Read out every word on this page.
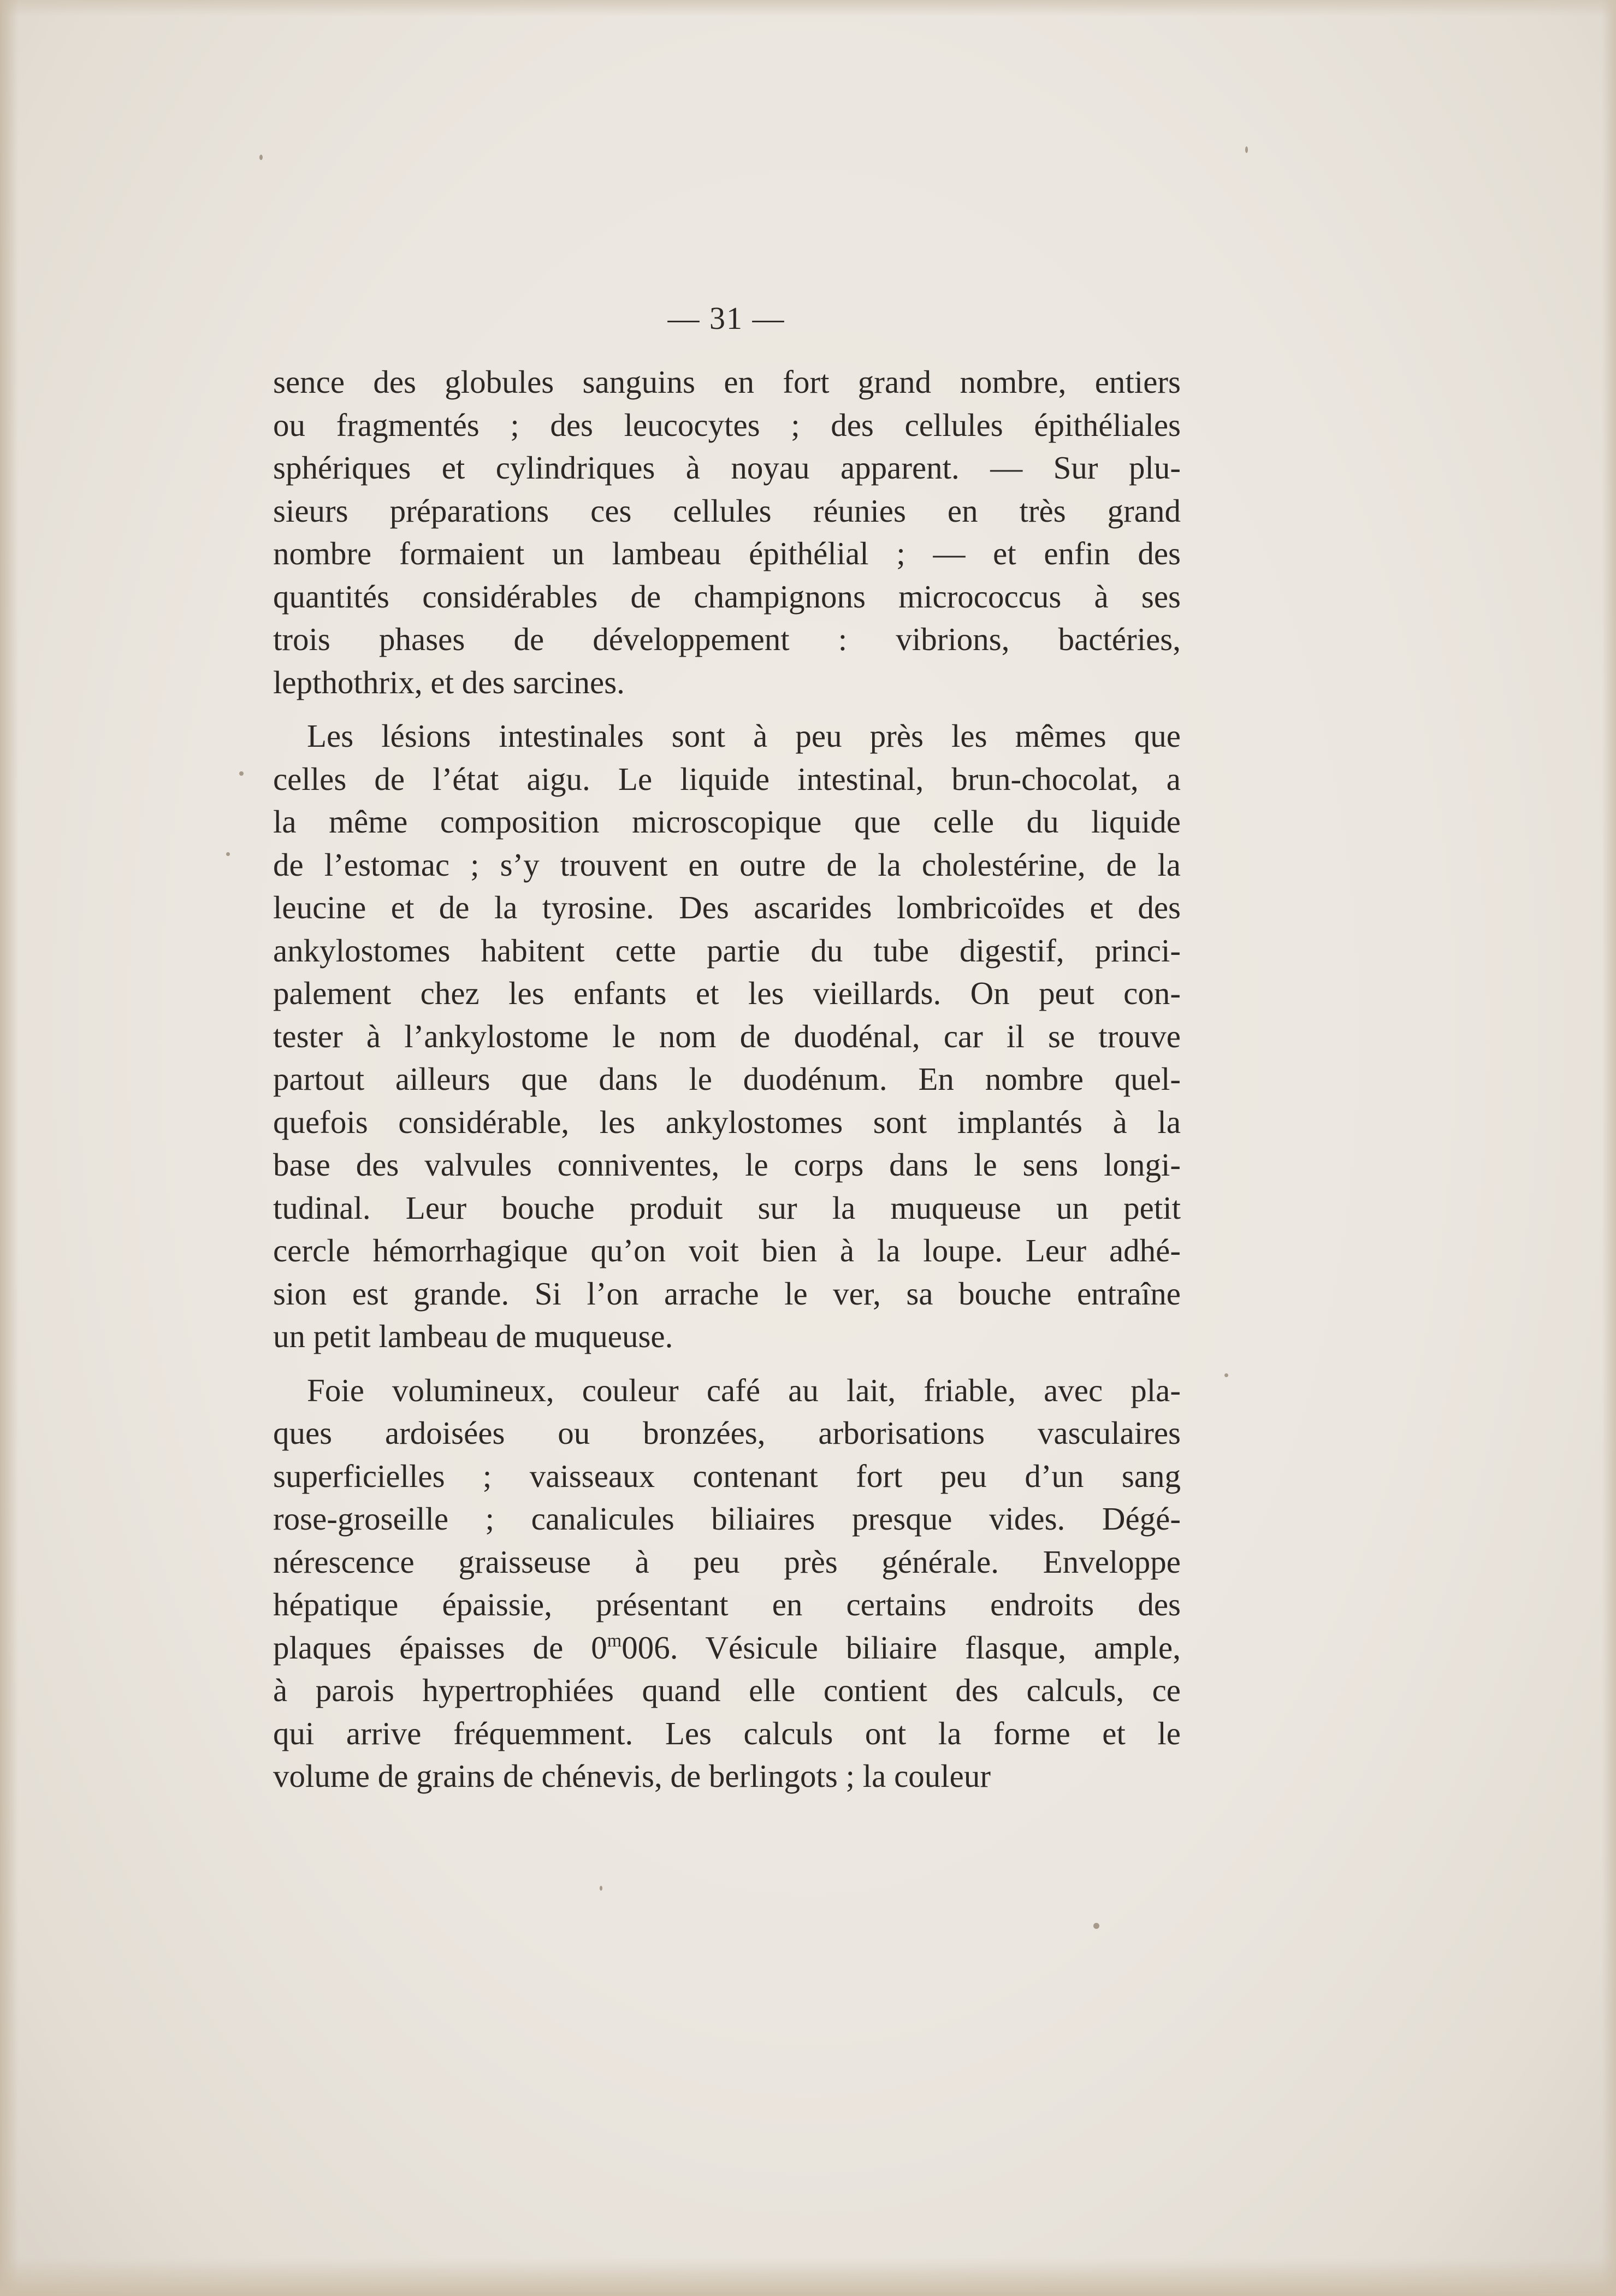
— 31 —
sence des globules sanguins en fort grand nombre, entiers
ou fragmentés ; des leucocytes ; des cellules épithéliales
sphériques et cylindriques à noyau apparent. — Sur plu-
sieurs préparations ces cellules réunies en très grand
nombre formaient un lambeau épithélial ; — et enfin des
quantités considérables de champignons micrococcus à ses
trois phases de développement : vibrions, bactéries,
lepthothrix, et des sarcines.
Les lésions intestinales sont à peu près les mêmes que
celles de l’état aigu. Le liquide intestinal, brun-chocolat, a
la même composition microscopique que celle du liquide
de l’estomac ; s’y trouvent en outre de la cholestérine, de la
leucine et de la tyrosine. Des ascarides lombricoïdes et des
ankylostomes habitent cette partie du tube digestif, princi-
palement chez les enfants et les vieillards. On peut con-
tester à l’ankylostome le nom de duodénal, car il se trouve
partout ailleurs que dans le duodénum. En nombre quel-
quefois considérable, les ankylostomes sont implantés à la
base des valvules conniventes, le corps dans le sens longi-
tudinal. Leur bouche produit sur la muqueuse un petit
cercle hémorrhagique qu’on voit bien à la loupe. Leur adhé-
sion est grande. Si l’on arrache le ver, sa bouche entraîne
un petit lambeau de muqueuse.
Foie volumineux, couleur café au lait, friable, avec pla-
ques ardoisées ou bronzées, arborisations vasculaires
superficielles ; vaisseaux contenant fort peu d’un sang
rose-groseille ; canalicules biliaires presque vides. Dégé-
nérescence graisseuse à peu près générale. Enveloppe
hépatique épaissie, présentant en certains endroits des
plaques épaisses de 0$^m$006. Vésicule biliaire flasque, ample,
à parois hypertrophiées quand elle contient des calculs, ce
qui arrive fréquemment. Les calculs ont la forme et le
volume de grains de chénevis, de berlingots ; la couleur
